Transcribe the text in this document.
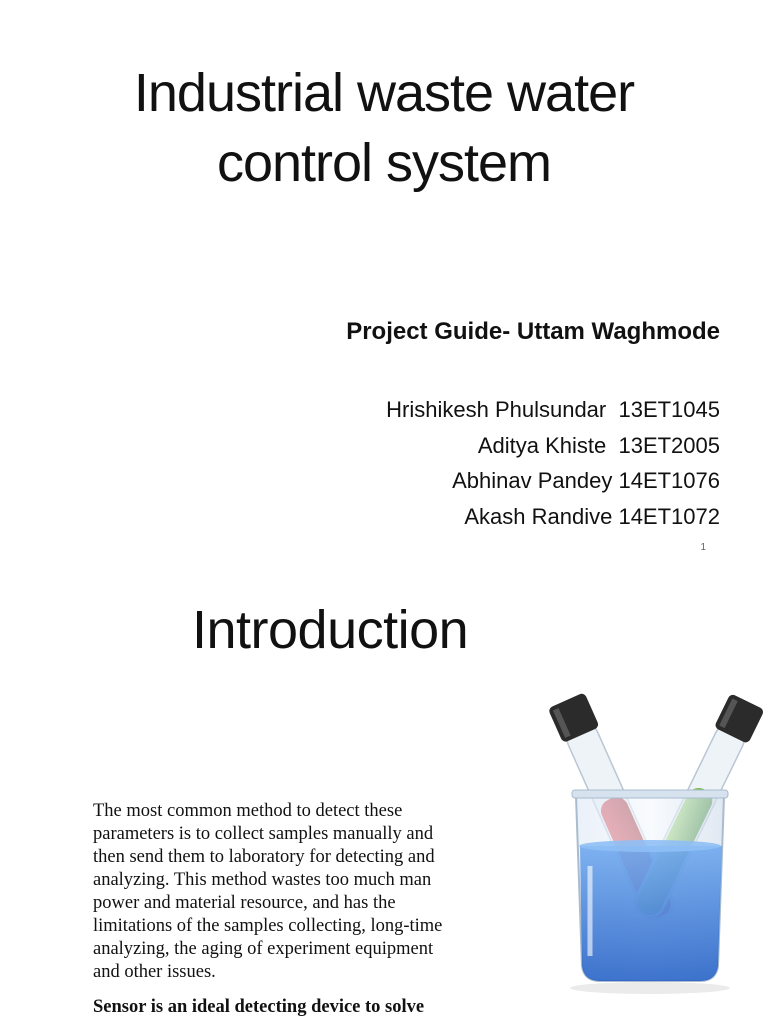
Industrial waste water
control system
Project Guide- Uttam Waghmode
Hrishikesh Phulsundar  13ET1045
Aditya Khiste  13ET2005
Abhinav Pandey 14ET1076
Akash Randive 14ET1072
1
Introduction
The most common method to detect these
parameters is to collect samples manually and
then send them to laboratory for detecting and
analyzing. This method wastes too much man
power and material resource, and has the
limitations of the samples collecting, long-time
analyzing, the aging of experiment equipment
and other issues.
Sensor is an ideal detecting device to solve
